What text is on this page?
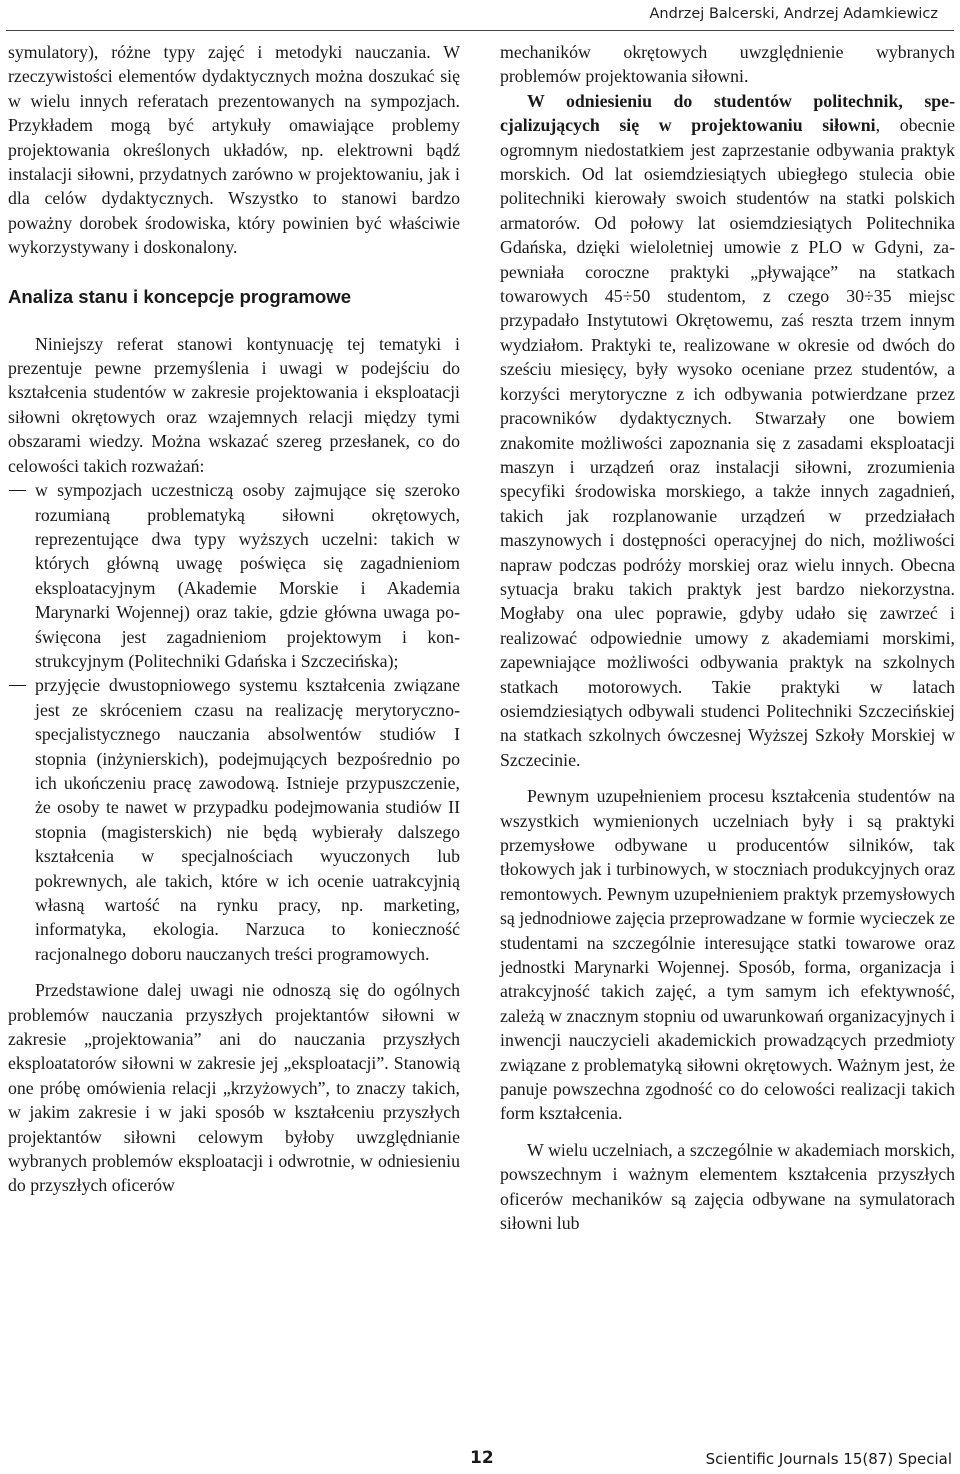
Andrzej Balcerski, Andrzej Adamkiewicz

symulatory), różne typy zajęć i metodyki nauczania. W rzeczywistości elementów dydaktycznych można doszukać się w wielu innych referatach prezentowanych na sympozjach. Przykładem mogą być artykuły omawiające problemy projektowania określonych układów, np. elektrowni bądź instalacji siłowni, przydatnych zarówno w projektowaniu, jak i dla celów dydaktycznych. Wszystko to stanowi bardzo poważny dorobek środowiska, który powinien być właściwie wykorzystywany i doskonalony.

Analiza stanu i koncepcje programowe

Niniejszy referat stanowi kontynuację tej tematyki i prezentuje pewne przemyślenia i uwagi w podejściu do kształcenia studentów w zakresie projektowania i eksploatacji siłowni okrętowych oraz wzajemnych relacji między tymi obszarami wiedzy. Można wskazać szereg przesłanek, co do celowości takich rozważań:

w sympozjach uczestniczą osoby zajmujące się szeroko rozumianą problematyką siłowni okrętowych, reprezentujące dwa typy wyższych uczelni: takich w których główną uwagę poświęca się zagadnieniom eksploatacyjnym (Akademie Morskie i Akademia Marynarki Wojennej) oraz takie, gdzie główna uwaga poświęcona jest zagadnieniom projektowym i konstrukcyjnym (Politechniki Gdańska i Szczecińska);
przyjęcie dwustopniowego systemu kształcenia związane jest ze skróceniem czasu na realizację merytoryczno-specjalistycznego nauczania absolwentów studiów I stopnia (inżynierskich), podejmujących bezpośrednio po ich ukończeniu pracę zawodową. Istnieje przypuszczenie, że osoby te nawet w przypadku podejmowania studiów II stopnia (magisterskich) nie będą wybierały dalszego kształcenia w specjalnościach wyuczonych lub pokrewnych, ale takich, które w ich ocenie uatrakcyjnią własną wartość na rynku pracy, np. marketing, informatyka, ekologia. Narzuca to konieczność racjonalnego doboru nauczanych treści programowych.

Przedstawione dalej uwagi nie odnoszą się do ogólnych problemów nauczania przyszłych projektantów siłowni w zakresie „projektowania” ani do nauczania przyszłych eksploatatorów siłowni w zakresie jej „eksploatacji”. Stanowią one próbę omówienia relacji „krzyżowych”, to znaczy takich, w jakim zakresie i w jaki sposób w kształceniu przyszłych projektantów siłowni celowym byłoby uwzględnianie wybranych problemów eksploatacji i odwrotnie, w odniesieniu do przyszłych oficerów

mechaników okrętowych uwzględnienie wybranych problemów projektowania siłowni.

W odniesieniu do studentów politechnik, specjalizujących się w projektowaniu siłowni, obecnie ogromnym niedostatkiem jest zaprzestanie odbywania praktyk morskich. Od lat osiemdziesiątych ubiegłego stulecia obie politechniki kierowały swoich studentów na statki polskich armatorów. Od połowy lat osiemdziesiątych Politechnika Gdańska, dzięki wieloletniej umowie z PLO w Gdyni, zapewniała coroczne praktyki „pływające” na statkach towarowych 45÷50 studentom, z czego 30÷35 miejsc przypadało Instytutowi Okrętowemu, zaś reszta trzem innym wydziałom. Praktyki te, realizowane w okresie od dwóch do sześciu miesięcy, były wysoko oceniane przez studentów, a korzyści merytoryczne z ich odbywania potwierdzane przez pracowników dydaktycznych. Stwarzały one bowiem znakomite możliwości zapoznania się z zasadami eksploatacji maszyn i urządzeń oraz instalacji siłowni, zrozumienia specyfiki środowiska morskiego, a także innych zagadnień, takich jak rozplanowanie urządzeń w przedziałach maszynowych i dostępności operacyjnej do nich, możliwości napraw podczas podróży morskiej oraz wielu innych. Obecna sytuacja braku takich praktyk jest bardzo niekorzystna. Mogłaby ona ulec poprawie, gdyby udało się zawrzeć i realizować odpowiednie umowy z akademiami morskimi, zapewniające możliwości odbywania praktyk na szkolnych statkach motorowych. Takie praktyki w latach osiemdziesiątych odbywali studenci Politechniki Szczecińskiej na statkach szkolnych ówczesnej Wyższej Szkoły Morskiej w Szczecinie.

Pewnym uzupełnieniem procesu kształcenia studentów na wszystkich wymienionych uczelniach były i są praktyki przemysłowe odbywane u producentów silników, tak tłokowych jak i turbinowych, w stoczniach produkcyjnych oraz remontowych. Pewnym uzupełnieniem praktyk przemysłowych są jednodniowe zajęcia przeprowadzane w formie wycieczek ze studentami na szczególnie interesujące statki towarowe oraz jednostki Marynarki Wojennej. Sposób, forma, organizacja i atrakcyjność takich zajęć, a tym samym ich efektywność, zależą w znacznym stopniu od uwarunkowań organizacyjnych i inwencji nauczycieli akademickich prowadzących przedmioty związane z problematyką siłowni okrętowych. Ważnym jest, że panuje powszechna zgodność co do celowości realizacji takich form kształcenia.

W wielu uczelniach, a szczególnie w akademiach morskich, powszechnym i ważnym elementem kształcenia przyszłych oficerów mechaników są zajęcia odbywane na symulatorach siłowni lub

12	Scientific Journals 15(87) Special
